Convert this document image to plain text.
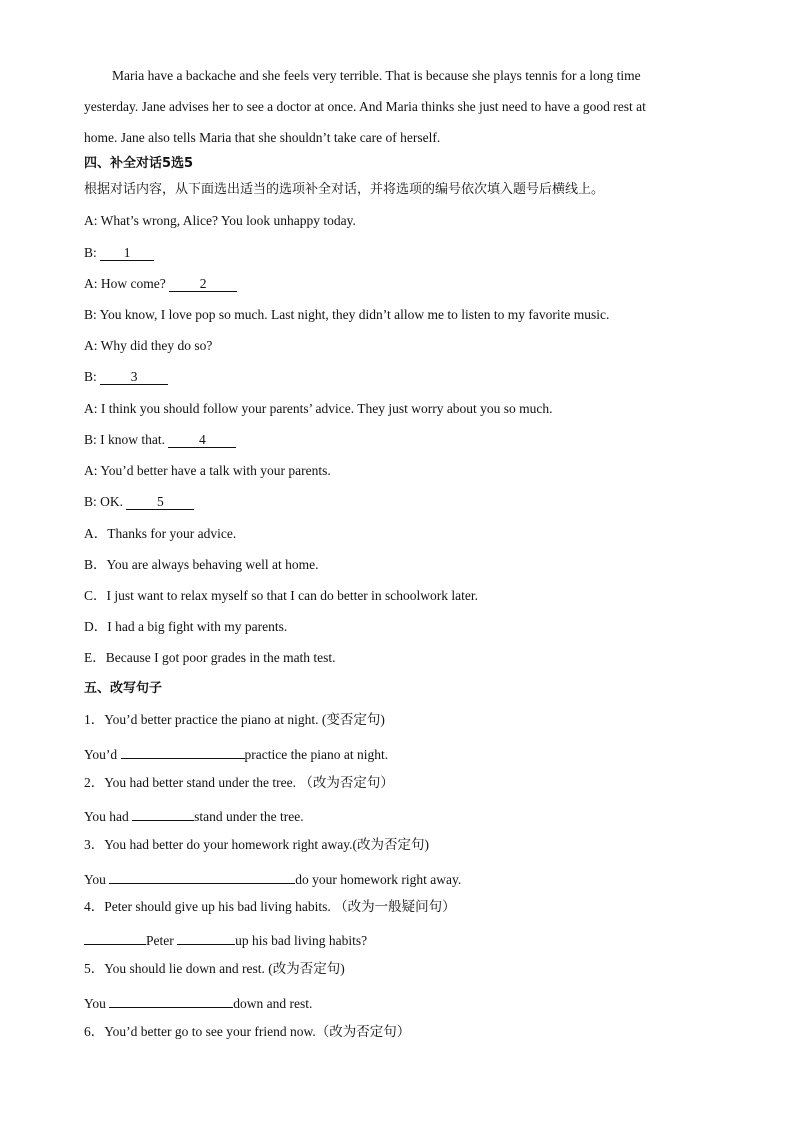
Maria have a backache and she feels very terrible. That is because she plays tennis for a long time
yesterday. Jane advises her to see a doctor at once. And Maria thinks she just need to have a good rest at
home. Jane also tells Maria that she shouldn’t take care of herself.
四、补全对话5选5
根据对话内容，从下面选出适当的选项补全对话，并将选项的编号依次填入题号后横线上。
A: What’s wrong, Alice? You look unhappy today.
B: 1
A: How come? 2
B: You know, I love pop so much. Last night, they didn’t allow me to listen to my favorite music.
A: Why did they do so?
B: 3
A: I think you should follow your parents’ advice. They just worry about you so much.
B: I know that. 4
A: You’d better have a talk with your parents.
B: OK. 5
A．Thanks for your advice.
B．You are always behaving well at home.
C．I just want to relax myself so that I can do better in schoolwork later.
D．I had a big fight with my parents.
E．Because I got poor grades in the math test.
五、改写句子
1．You’d better practice the piano at night. (变否定句)
You’d	practice the piano at night.
2．You had better stand under the tree. （改为否定句）
You had	stand under the tree.
3．You had better do your homework right away.(改为否定句)
You	do your homework right away.
4．Peter should give up his bad living habits. （改为一般疑问句）
Peter	up his bad living habits?
5．You should lie down and rest. (改为否定句)
You	down and rest.
6．You’d better go to see your friend now.（改为否定句）
